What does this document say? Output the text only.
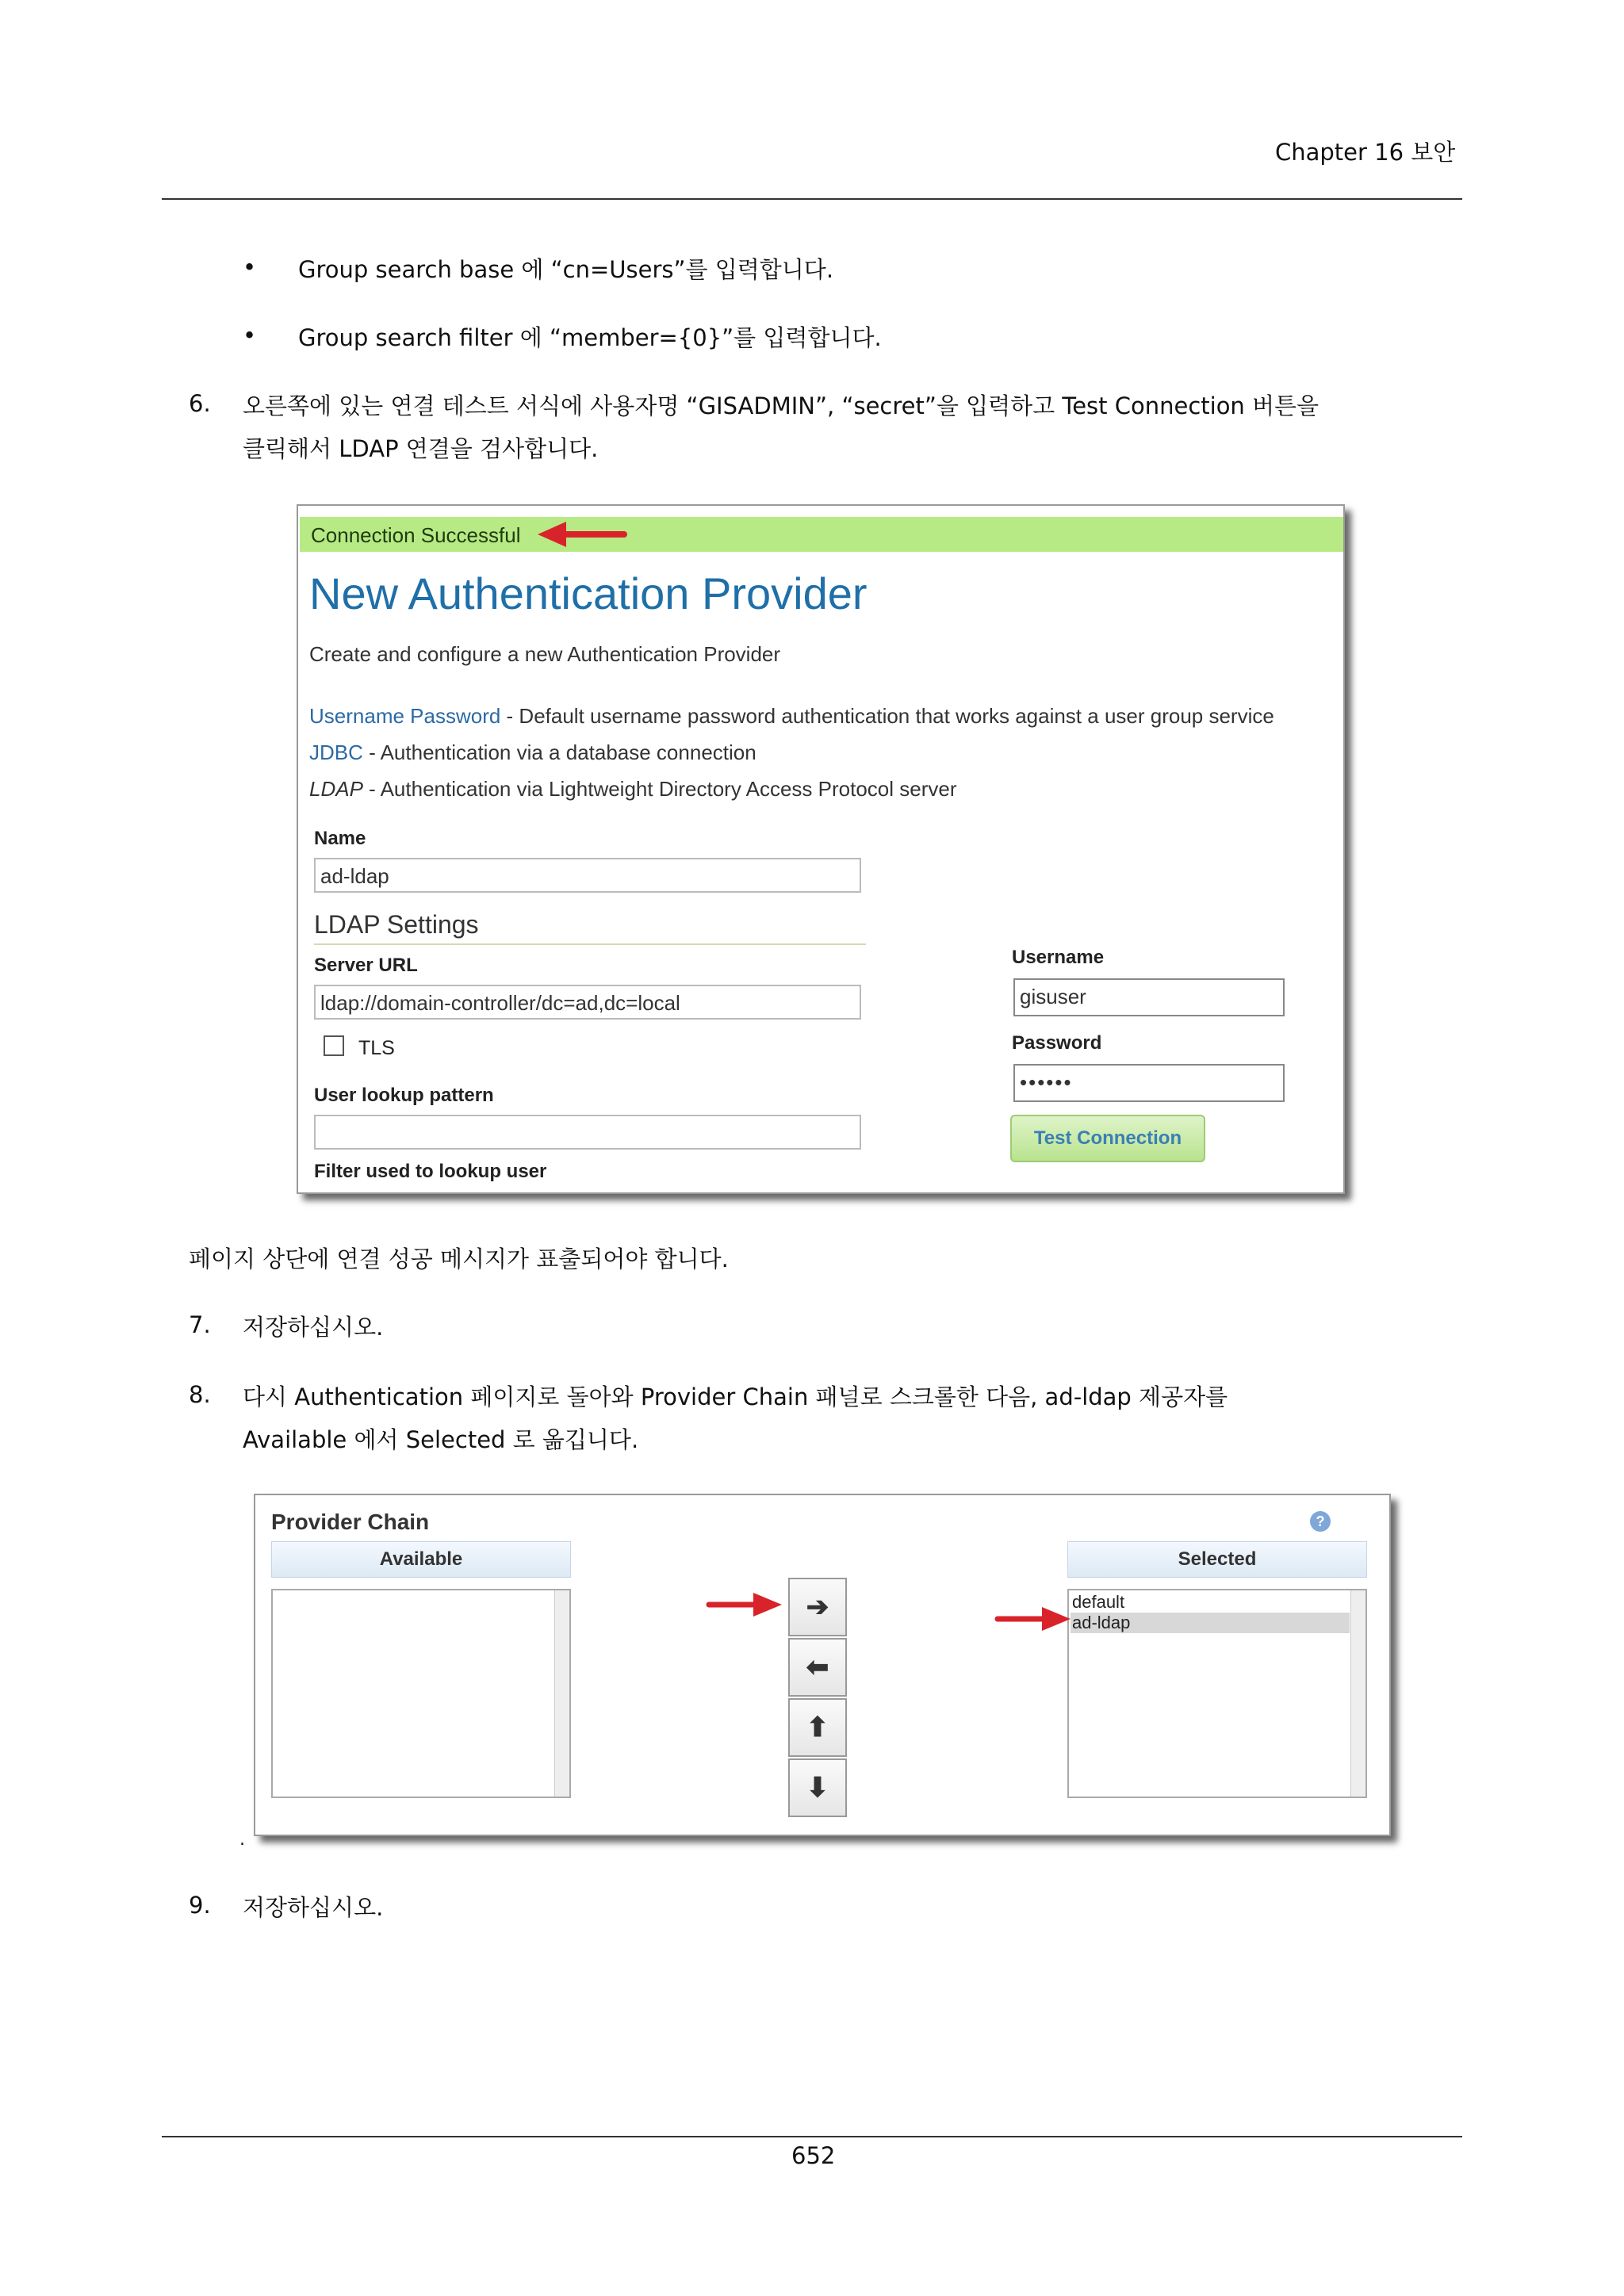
Chapter 16 보안
• Group search base 에 “cn=Users”를 입력합니다.
• Group search filter 에 “member={0}”를 입력합니다.
6. 오른쪽에 있는 연결 테스트 서식에 사용자명 “GISADMIN”, “secret”을 입력하고 Test Connection 버튼을
클릭해서 LDAP 연결을 검사합니다.
Connection Successful
New Authentication Provider
Create and configure a new Authentication Provider
Username Password - Default username password authentication that works against a user group service
JDBC - Authentication via a database connection
LDAP - Authentication via Lightweight Directory Access Protocol server
Name
ad-ldap
LDAP Settings
Server URL
ldap://domain-controller/dc=ad,dc=local
TLS
User lookup pattern
Filter used to lookup user
Username
gisuser
Password
••••••
Test Connection
페이지 상단에 연결 성공 메시지가 표출되어야 합니다.
7. 저장하십시오.
8. 다시 Authentication 페이지로 돌아와 Provider Chain 패널로 스크롤한 다음, ad-ldap 제공자를
Available 에서 Selected 로 옮깁니다.
Provider Chain	?
Available	Selected
default
ad-ldap
➔
⬅
⬆
⬇
.
9. 저장하십시오.
652
